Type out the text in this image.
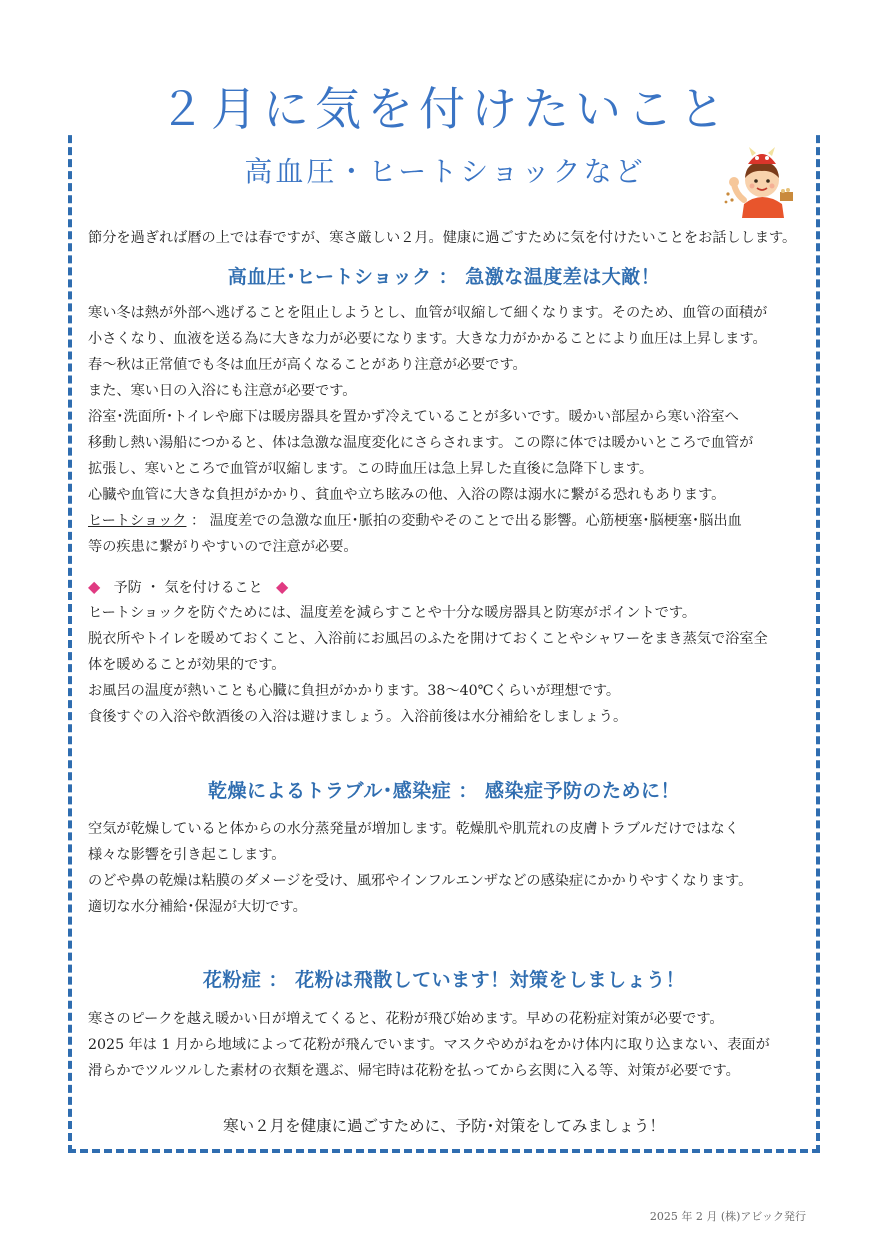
２月に気を付けたいこと
高血圧・ヒートショックなど
節分を過ぎれば暦の上では春ですが、寒さ厳しい２月。健康に過ごすために気を付けたいことをお話しします。
高血圧･ヒートショック ： 急激な温度差は大敵！

寒い冬は熱が外部へ逃げることを阻止しようとし、血管が収縮して細くなります。そのため、血管の面積が

小さくなり、血液を送る為に大きな力が必要になります。大きな力がかかることにより血圧は上昇します。

春～秋は正常値でも冬は血圧が高くなることがあり注意が必要です。

また、寒い日の入浴にも注意が必要です。

浴室･洗面所･トイレや廊下は暖房器具を置かず冷えていることが多いです。暖かい部屋から寒い浴室へ

移動し熱い湯船につかると、体は急激な温度変化にさらされます。この際に体では暖かいところで血管が

拡張し、寒いところで血管が収縮します。この時血圧は急上昇した直後に急降下します。

心臓や血管に大きな負担がかかり、貧血や立ち眩みの他、入浴の際は溺水に繋がる恐れもあります。

ヒートショック ： 温度差での急激な血圧･脈拍の変動やそのことで出る影響。心筋梗塞･脳梗塞･脳出血

等の疾患に繋がりやすいので注意が必要。

◆ 予防 ・ 気を付けること ◆

ヒートショックを防ぐためには、温度差を減らすことや十分な暖房器具と防寒がポイントです。

脱衣所やトイレを暖めておくこと、入浴前にお風呂のふたを開けておくことやシャワーをまき蒸気で浴室全

体を暖めることが効果的です。

お風呂の温度が熱いことも心臓に負担がかかります。38～40℃くらいが理想です。

食後すぐの入浴や飲酒後の入浴は避けましょう。入浴前後は水分補給をしましょう。

乾燥によるトラブル･感染症 ： 感染症予防のために！

空気が乾燥していると体からの水分蒸発量が増加します。乾燥肌や肌荒れの皮膚トラブルだけではなく

様々な影響を引き起こします。

のどや鼻の乾燥は粘膜のダメージを受け、風邪やインフルエンザなどの感染症にかかりやすくなります。

適切な水分補給･保湿が大切です。

花粉症 ： 花粉は飛散しています！対策をしましょう！

寒さのピークを越え暖かい日が増えてくると、花粉が飛び始めます。早めの花粉症対策が必要です。

2025 年は 1 月から地域によって花粉が飛んでいます。マスクやめがねをかけ体内に取り込まない、表面が

滑らかでツルツルした素材の衣類を選ぶ、帰宅時は花粉を払ってから玄関に入る等、対策が必要です。

寒い２月を健康に過ごすために、予防･対策をしてみましょう！
2025 年 2 月 (株)アビック発行
